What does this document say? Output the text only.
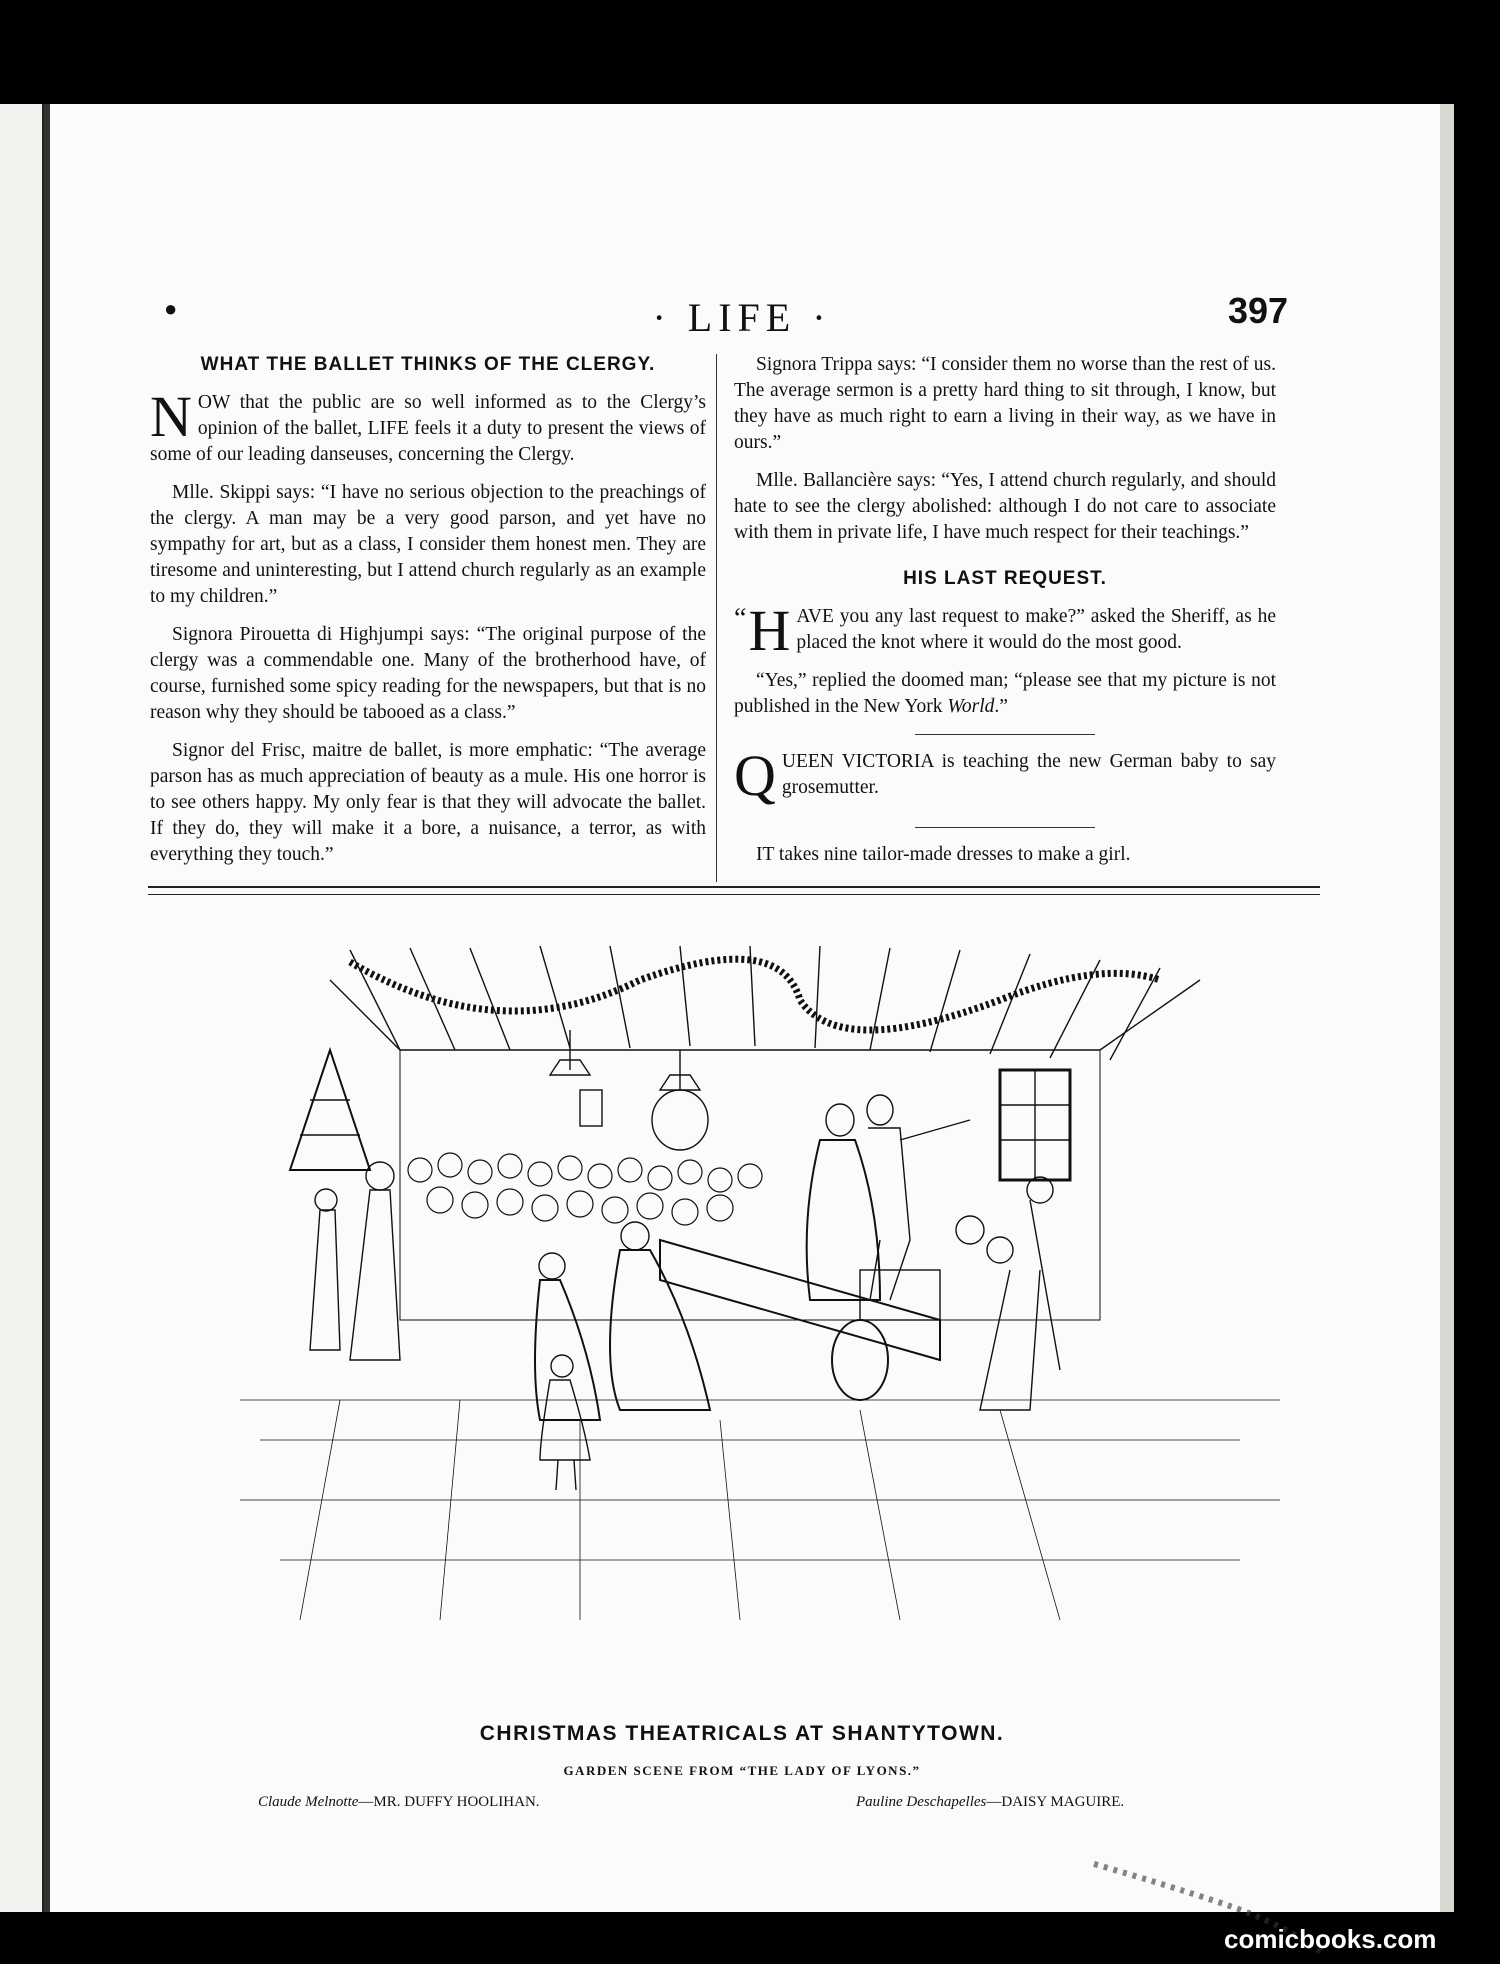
●	· LIFE ·	397
WHAT THE BALLET THINKS OF THE CLERGY.

NOW that the public are so well informed as to the Clergy’s opinion of the ballet, LIFE feels it a duty to present the views of some of our leading danseuses, concerning the Clergy.

Mlle. Skippi says: “I have no serious objection to the preachings of the clergy. A man may be a very good parson, and yet have no sympathy for art, but as a class, I consider them honest men. They are tiresome and uninteresting, but I attend church regularly as an example to my children.”

Signora Pirouetta di Highjumpi says: “The original purpose of the clergy was a commendable one. Many of the brotherhood have, of course, furnished some spicy reading for the newspapers, but that is no reason why they should be tabooed as a class.”

Signor del Frisc, maitre de ballet, is more emphatic: “The average parson has as much appreciation of beauty as a mule. His one horror is to see others happy. My only fear is that they will advocate the ballet. If they do, they will make it a bore, a nuisance, a terror, as with everything they touch.”

Signora Trippa says: “I consider them no worse than the rest of us. The average sermon is a pretty hard thing to sit through, I know, but they have as much right to earn a living in their way, as we have in ours.”

Mlle. Ballancière says: “Yes, I attend church regularly, and should hate to see the clergy abolished: although I do not care to associate with them in private life, I have much respect for their teachings.”

HIS LAST REQUEST.

“ H AVE you any last request to make?” asked the Sheriff, as he placed the knot where it would do the most good.

“Yes,” replied the doomed man; “please see that my picture is not published in the New York World.”

QUEEN VICTORIA is teaching the new German baby to say grosemutter.

IT takes nine tailor-made dresses to make a girl.

CHRISTMAS THEATRICALS AT SHANTYTOWN.
GARDEN SCENE FROM “THE LADY OF LYONS.”
Claude Melnotte—MR. DUFFY HOOLIHAN.	Pauline Deschapelles—DAISY MAGUIRE.
comicbooks.com
